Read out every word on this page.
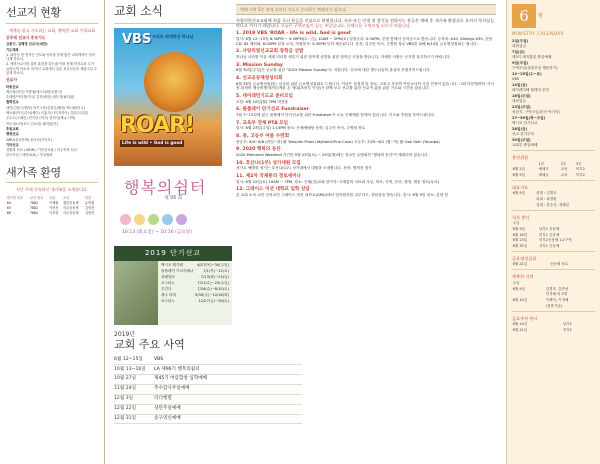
선교지 현황
세계를 품고 기도하는 교회, 행복한 교회 우리교회
공주에 선교사 중보기도
김용구, 김해정 선교사(대만)
기도제목
1. 타이난 현 현지인 전도와 양육을 통해 많은 교회개척이 일어나게 하소서.
2. 제직선교사를 위한 훈련을 하는데 이를 통해 현지교회 수가 늘어나게 하소서. 타이난 교회에서 일꾼 선교사들을 채워주실 수 있게 하소서.
선교사
파송선교
백시원(미국) 이종권/에스더(태국/한국)
손태양/이민경(미국) 김진(대만) 최은정(필리핀)
협력선교
대만(김용구/해정) 파키스탄(김정우/혜선) 백시원(미국)
백시원(미국)추석(세이) 이홍기(나이지리아) 김한수(일본)
우수도(스페인) 안식년 (미국) 한의사(케냐-사역)
인도네시아(코드 김소미) 필리핀(진)
후원교회
행정선교
GMU(선교단체) 송마리(카자흐)
기타선교
경찰복 선교 / MOM / 기독선교회 / 이주목회 선교
한국모임 / 대만(ICU) / 선교협회
새가족 환영
지난 주에 등록하신 새가족을 소개합니다.
새가족 번호	교인 번호	이름	소속	담당
64	7882	이재원	청년공동체	유영권
65	7882	이현진	사무공동체	김성천
66	7884	이지현	사무공동체	김성천
교회 소식
VBS 우리의 위대하신 하나님
ROAR!
Life is wild • God is good
행복의쉼터
제 96 회
10:13 (화요일) ~ 10:16 (금요일)
2019 단기선교
멕시코 테카테	6/27(목)~30(주일)
플롤레이 키르히베나	7/1(목)~12(토)
과테말라	7/13(화)~23(일)
코스타노	7/21(수)~25(주일)
우간다	7/26(수)~8/10(토)
제주 티파	9/30(주)~10/16(화)
코스타노	12/27(금)~28(토)
2019년
교회 주요 사역
6월 12~15일	VBS
10월 13~16일	LA 제96기 행복의쉼터
10월 27일	제45기 여름합창 입학예배
11월 24일	추수감사주일예배
12월 3일	리더행렬
12월 22일	성탄주일예배
12월 31일	송구영신예배
예배 시작 5분 전에 오셔서 기도로 준비하는 예배자가 됩시다.
사랑의빛선교교회에 처음 오신 분들을 진심으로 환영합니다. 등록 또는 안내 및 장기를 원하시는 분들은 예배 후 새가족 환영실로 오셔서 목사님들 만나고 가시기 바랍니다. 오늘은 구역모임이 있는 주일입니다. 은혜로운 구역모임 되시기 바랍니다.
1. 2019 VBS 'ROAR - life is wild, God is good'
일시: 6월 12~15일 6:30PM ~ 9:30PM(수~금), 10AM ~ 2PM(토) 일일등록: 5:30PM, 본당 앞에서 선착순으로 받습니다. 등록비: $40, Siblings $35, 친당 CD: $5 체헌회: 6:00PM 본당 로비, 자원봉사: 5:30PM 부터 제공됩니다. 운전: 김주민 목사, 주영철 장로 VBS를 위해 6/14일 금요영성집회는 쉽니다.
2. 사랑의빛선교교회 장학금 선발
하나님 나라를 이끌 세대 리더를 세우기 위한 장학생 선발을 위한 장학금 신청을 받습니다. 자세한 사항은 공지를 참고하시기 바랍니다.
3. Mission Sunday
6월 30일(주일)은 선교를 위한 "2019 Mission Sunday"로 지킵니다. 선교에 대한 생도님들의 관심과 후원부탁드립니다.
4. 선교공동체영성피회
6월 28일 금요영성집회는 선교를 위한 금요영성집회로 드립니다. 이날은 한경결 일 장로, 고치고 조진의 여선교사의 사진 간증이 있습니다. 그외 다문영화의 '사사봉-한의비 행운비행'레이더게를 온 세대(초중부 이상)가 함께 보고 선교를 위한 선교적 삶을 위한 기도와 시간을 갖습니다.
5. 테이레민기도교 준비모임
모임: 6월 10일(월) 7PM 비전홀
6. 플롤레이 단기선교 Fundraiser
7월 7~13일에 있는 플롤레이 단기선교를 위한 Fundraiser가 오늘 은혜예를 앞에서 있습니다. 기도와 후원을 부탁드립니다.
7. 교육부 전체 PTA 모임
일시: 6월 23일(주일) 1:15PM 장소: 은혜예배당 문의: 김주민 목사, 주영철 장로
8. 중, 고등부 여름 수련회
중등부: 6/4~6/6 (화일~화) @ Tahquitz Pines (Idyllwild-Pine Cove) 고등부: 7/29~8/1 (월~목) @ Oak Glen (Yucaipa)
9. 2020 행복의 동산
2020 Memorial Weekend 기간인 5월 23일(토) ~ 25일(월)에는 전교인 수양회인 '행복의 동산'이 계획되어 있습니다.
10. 호산나(1부) 성가대원 모집
성가로 예배를 섬기는 호산나(1부) 성가대에서 대원을 모집합니다. 문의: 양의천 집사
11. 제2차 국제통의 정로세미나
일시: 6월 22일(토) 10AM ~ 7PM, 장소: 은혜(친)교회 참가자: 국제통의 지료피 사무, 의료, 사역, 은퇴, 행정, 협동 장로(무료)
12. 그레이스 미션 대학교 입학 상담
본 교회 소속 교단 신학교인 그레이스 미션 대학교(GMU)에서 입학원서를 교부하고, 상담실을 받습니다. 일시: 6월 9일 장소: 본당 앞
6	월
MINISTRY CALENDAR
2일(주일)
대외업입
7일(금)
제3기 제자훈련 졸업예배
9일(주일)
구역모임(성령모임 행동하기)
12~15일(수~토)
VBS
14일(금)
테이레미해 월례자 종강
16일(주일)
대외업입
23일(주일)
성한식, 구역모임(본인 야기의)
27~30일(목~주일)
멕시코 단기선교
28일(금)
선교 감기부탁
30일(주일)
교회부 졸업예배
봉헌위원
	1부	2부	3부
6월 2일	예배국	교육	북부2
6월 9일	예배국	교육	북부2
대표기도
6월 9일	한명 : 김병조
	파워 : 곽경환
	강대 : 한순식, 정혜일
식사 봉사
주일	
6월 9일	남부1 공동체
6월 16일	북부1 공동체
6월 23일	북부2공동체 1교구역
6월 30일	서부1 공동체
금요영성집회
6월 21일	공동체 차로
행복한 식탁
주일	
6월 9일	김경호, 김종선
	민지혜 외 2명
6월 14일	이채익, 이정혜
	(결혼기념)
금요주차 봉사
6월 14일	남부1
6월 21일	북부1
